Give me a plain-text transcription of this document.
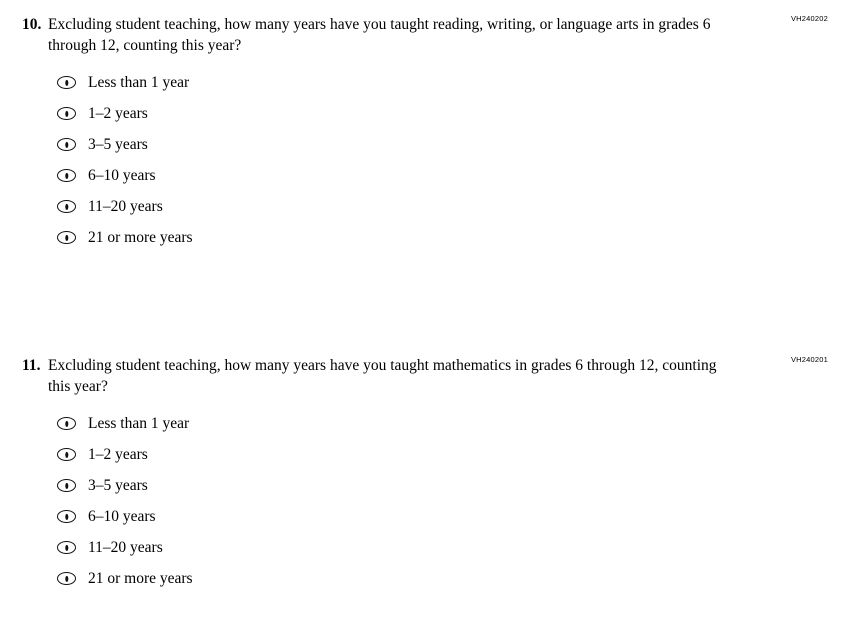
VH240202
10. Excluding student teaching, how many years have you taught reading, writing, or language arts in grades 6 through 12, counting this year?
Less than 1 year
1–2 years
3–5 years
6–10 years
11–20 years
21 or more years
VH240201
11. Excluding student teaching, how many years have you taught mathematics in grades 6 through 12, counting this year?
Less than 1 year
1–2 years
3–5 years
6–10 years
11–20 years
21 or more years
